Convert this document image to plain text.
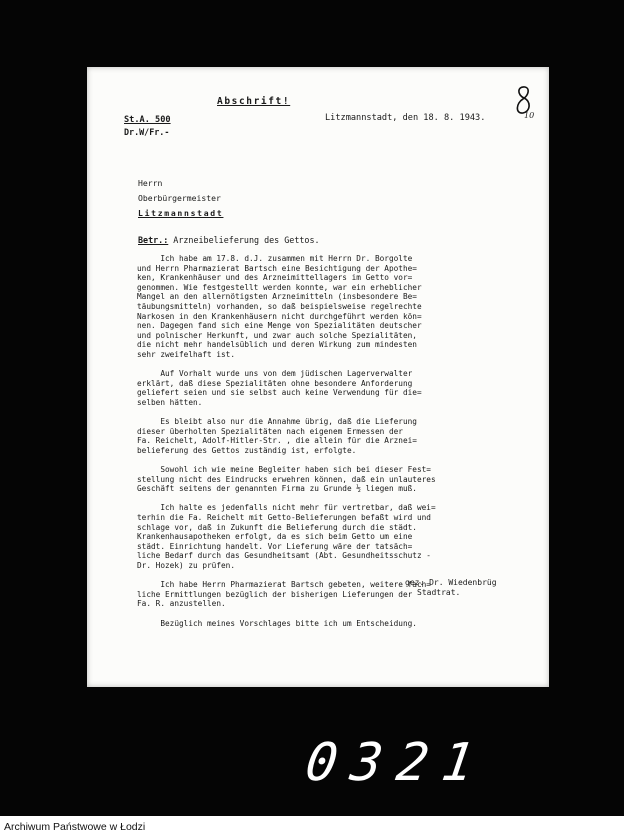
Abschrift!
St.A. 500
Dr.W/Fr.-
Litzmannstadt, den 18. 8. 1943.	10
Herrn
Oberbürgermeister
Litzmannstadt
Betr.: Arzneibelieferung des Gettos.
Ich habe am 17.8. d.J. zusammen mit Herrn Dr. Borgolte
und Herrn Pharmazierat Bartsch eine Besichtigung der Apothe=
ken, Krankenhäuser und des Arzneimittellagers im Getto vor=
genommen. Wie festgestellt werden konnte, war ein erheblicher
Mangel an den allernötigsten Arzneimitteln (insbesondere Be=
täubungsmitteln) vorhanden, so daß beispielsweise regelrechte
Narkosen in den Krankenhäusern nicht durchgeführt werden kön=
nen. Dagegen fand sich eine Menge von Spezialitäten deutscher
und polnischer Herkunft, und zwar auch solche Spezialitäten,
die nicht mehr handelsüblich und deren Wirkung zum mindesten
sehr zweifelhaft ist.

Auf Vorhalt wurde uns von dem jüdischen Lagerverwalter
erklärt, daß diese Spezialitäten ohne besondere Anforderung
geliefert seien und sie selbst auch keine Verwendung für die=
selben hätten.

Es bleibt also nur die Annahme übrig, daß die Lieferung
dieser überholten Spezialitäten nach eigenem Ermessen der
Fa. Reichelt, Adolf-Hitler-Str. , die allein für die Arznei=
belieferung des Gettos zuständig ist, erfolgte.

Sowohl ich wie meine Begleiter haben sich bei dieser Fest=
stellung nicht des Eindrucks erwehren können, daß ein unlauteres
Geschäft seitens der genannten Firma zu Grunde ½ liegen muß.

Ich halte es jedenfalls nicht mehr für vertretbar, daß wei=
terhin die Fa. Reichelt mit Getto-Belieferungen befaßt wird und
schlage vor, daß in Zukunft die Belieferung durch die städt.
Krankenhausapotheken erfolgt, da es sich beim Getto um eine
städt. Einrichtung handelt. Vor Lieferung wäre der tatsäch=
liche Bedarf durch das Gesundheitsamt (Abt. Gesundheitsschutz -
Dr. Hozek) zu prüfen.

Ich habe Herrn Pharmazierat Bartsch gebeten, weitere fach=
liche Ermittlungen bezüglich der bisherigen Lieferungen der
Fa. R. anzustellen.

Bezüglich meines Vorschlages bitte ich um Entscheidung.
gez. Dr. Wiedenbrüg
Stadtrat.
0 3 2 1
Archiwum Państwowe w Łodzi
